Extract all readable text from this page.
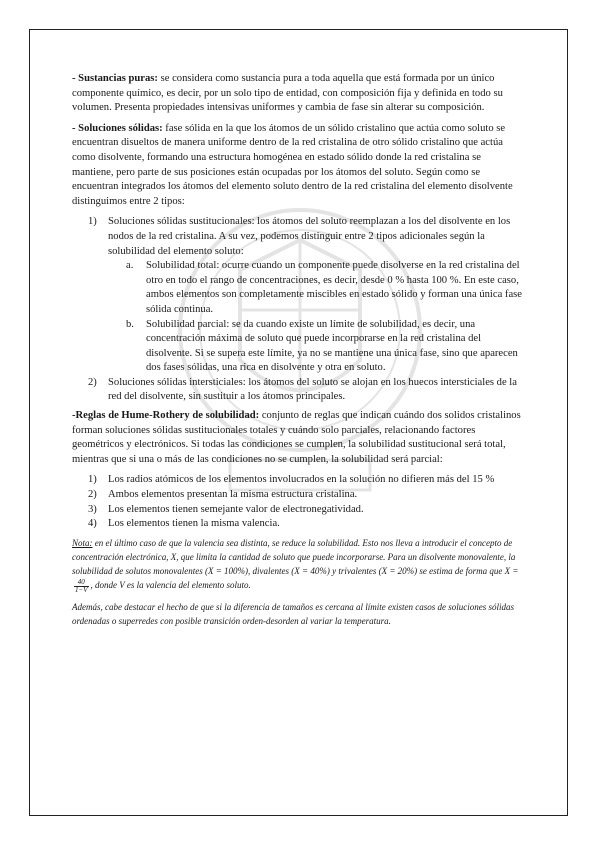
- Sustancias puras: se considera como sustancia pura a toda aquella que está formada por un único componente químico, es decir, por un solo tipo de entidad, con composición fija y definida en todo su volumen. Presenta propiedades intensivas uniformes y cambia de fase sin alterar su composición.

- Soluciones sólidas: fase sólida en la que los átomos de un sólido cristalino que actúa como soluto se encuentran disueltos de manera uniforme dentro de la red cristalina de otro sólido cristalino que actúa como disolvente, formando una estructura homogénea en estado sólido donde la red cristalina se mantiene, pero parte de sus posiciones están ocupadas por los átomos del soluto. Según como se encuentran integrados los átomos del elemento soluto dentro de la red cristalina del elemento disolvente distinguimos entre 2 tipos:

1) Soluciones sólidas sustitucionales: los átomos del soluto reemplazan a los del disolvente en los nodos de la red cristalina. A su vez, podemos distinguir entre 2 tipos adicionales según la solubilidad del elemento soluto:
a. Solubilidad total: ocurre cuando un componente puede disolverse en la red cristalina del otro en todo el rango de concentraciones, es decir, desde 0 % hasta 100 %. En este caso, ambos elementos son completamente miscibles en estado sólido y forman una única fase sólida continua.
b. Solubilidad parcial: se da cuando existe un límite de solubilidad, es decir, una concentración máxima de soluto que puede incorporarse en la red cristalina del disolvente. Si se supera este límite, ya no se mantiene una única fase, sino que aparecen dos fases sólidas, una rica en disolvente y otra en soluto.
2) Soluciones sólidas intersticiales: los átomos del soluto se alojan en los huecos intersticiales de la red del disolvente, sin sustituir a los átomos principales.

-Reglas de Hume-Rothery de solubilidad: conjunto de reglas que indican cuándo dos solidos cristalinos forman soluciones sólidas sustitucionales totales y cuándo solo parciales, relacionando factores geométricos y electrónicos. Si todas las condiciones se cumplen, la solubilidad sustitucional será total, mientras que si una o más de las condiciones no se cumplen, la solubilidad será parcial:

1) Los radios atómicos de los elementos involucrados en la solución no difieren más del 15 %
2) Ambos elementos presentan la misma estructura cristalina.
3) Los elementos tienen semejante valor de electronegatividad.
4) Los elementos tienen la misma valencia.

Nota: en el último caso de que la valencia sea distinta, se reduce la solubilidad. Esto nos lleva a introducir el concepto de concentración electrónica, X, que limita la cantidad de soluto que puede incorporarse. Para un disolvente monovalente, la solubilidad de solutos monovalentes (X = 100%), divalentes (X = 40%) y trivalentes (X = 20%) se estima de forma que X =
$\frac{40}{1-V}$ , donde V es la valencia del elemento soluto.

Además, cabe destacar el hecho de que si la diferencia de tamaños es cercana al límite existen casos de soluciones sólidas ordenadas o superredes con posible transición orden-desorden al variar la temperatura.
